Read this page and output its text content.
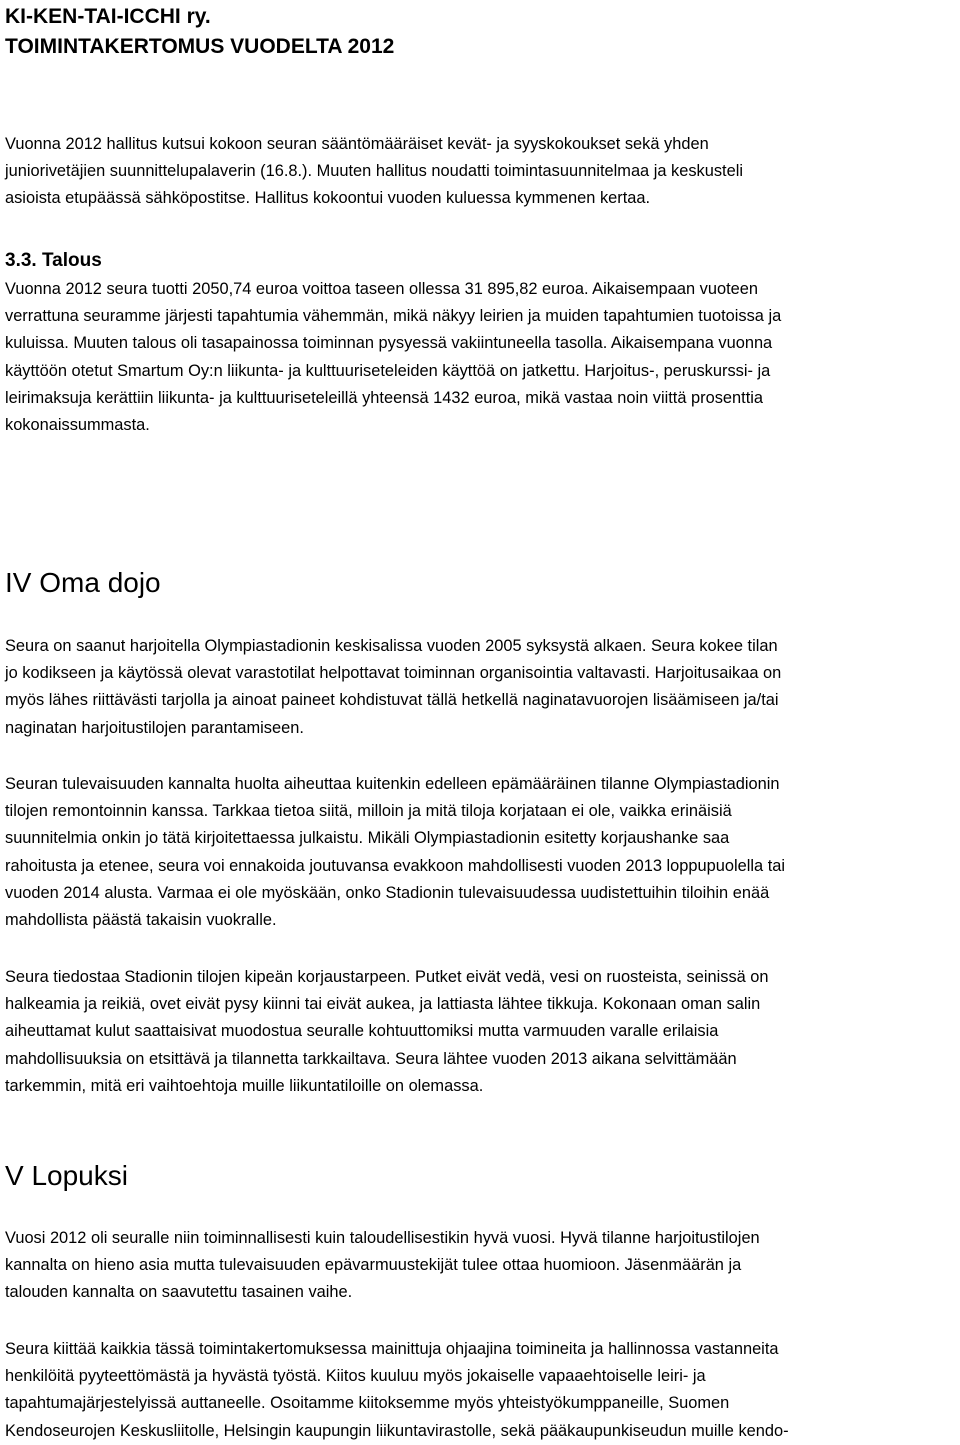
KI-KEN-TAI-ICCHI ry.
TOIMINTAKERTOMUS VUODELTA 2012
Vuonna 2012 hallitus kutsui kokoon seuran sääntömääräiset kevät- ja syyskokoukset sekä yhden
juniorivetäjien suunnittelupalaverin (16.8.). Muuten hallitus noudatti toimintasuunnitelmaa ja keskusteli
asioista etupäässä sähköpostitse. Hallitus kokoontui vuoden kuluessa kymmenen kertaa.
3.3. Talous
Vuonna 2012 seura tuotti 2050,74 euroa voittoa taseen ollessa 31 895,82 euroa. Aikaisempaan vuoteen
verrattuna seuramme järjesti tapahtumia vähemmän, mikä näkyy leirien ja muiden tapahtumien tuotoissa ja
kuluissa. Muuten talous oli tasapainossa toiminnan pysyessä vakiintuneella tasolla. Aikaisempana vuonna
käyttöön otetut Smartum Oy:n liikunta- ja kulttuuriseteleiden käyttöä on jatkettu. Harjoitus-, peruskurssi- ja
leirimaksuja kerättiin liikunta- ja kulttuuriseteleillä yhteensä 1432 euroa, mikä vastaa noin viittä prosenttia
kokonaissummasta.
IV Oma dojo
Seura on saanut harjoitella Olympiastadionin keskisalissa vuoden 2005 syksystä alkaen. Seura kokee tilan
jo kodikseen ja käytössä olevat varastotilat helpottavat toiminnan organisointia valtavasti. Harjoitusaikaa on
myös lähes riittävästi tarjolla ja ainoat paineet kohdistuvat tällä hetkellä naginatavuorojen lisäämiseen ja/tai
naginatan harjoitustilojen parantamiseen.
Seuran tulevaisuuden kannalta huolta aiheuttaa kuitenkin edelleen epämääräinen tilanne Olympiastadionin
tilojen remontoinnin kanssa. Tarkkaa tietoa siitä, milloin ja mitä tiloja korjataan ei ole, vaikka erinäisiä
suunnitelmia onkin jo tätä kirjoitettaessa julkaistu. Mikäli Olympiastadionin esitetty korjaushanke saa
rahoitusta ja etenee, seura voi ennakoida joutuvansa evakkoon mahdollisesti vuoden 2013 loppupuolella tai
vuoden 2014 alusta. Varmaa ei ole myöskään, onko Stadionin tulevaisuudessa uudistettuihin tiloihin enää
mahdollista päästä takaisin vuokralle.
Seura tiedostaa Stadionin tilojen kipeän korjaustarpeen. Putket eivät vedä, vesi on ruosteista, seinissä on
halkeamia ja reikiä, ovet eivät pysy kiinni tai eivät aukea, ja lattiasta lähtee tikkuja. Kokonaan oman salin
aiheuttamat kulut saattaisivat muodostua seuralle kohtuuttomiksi mutta varmuuden varalle erilaisia
mahdollisuuksia on etsittävä ja tilannetta tarkkailtava. Seura lähtee vuoden 2013 aikana selvittämään
tarkemmin, mitä eri vaihtoehtoja muille liikuntatiloille on olemassa.
V Lopuksi
Vuosi 2012 oli seuralle niin toiminnallisesti kuin taloudellisestikin hyvä vuosi. Hyvä tilanne harjoitustilojen
kannalta on hieno asia mutta tulevaisuuden epävarmuustekijät tulee ottaa huomioon. Jäsenmäärän ja
talouden kannalta on saavutettu tasainen vaihe.
Seura kiittää kaikkia tässä toimintakertomuksessa mainittuja ohjaajina toimineita ja hallinnossa vastanneita
henkilöitä pyyteettömästä ja hyvästä työstä. Kiitos kuuluu myös jokaiselle vapaaehtoiselle leiri- ja
tapahtumajärjestelyissä auttaneelle. Osoitamme kiitoksemme myös yhteistyökumppaneille, Suomen
Kendoseurojen Keskusliitolle, Helsingin kaupungin liikuntavirastolle, sekä pääkaupunkiseudun muille kendo-
